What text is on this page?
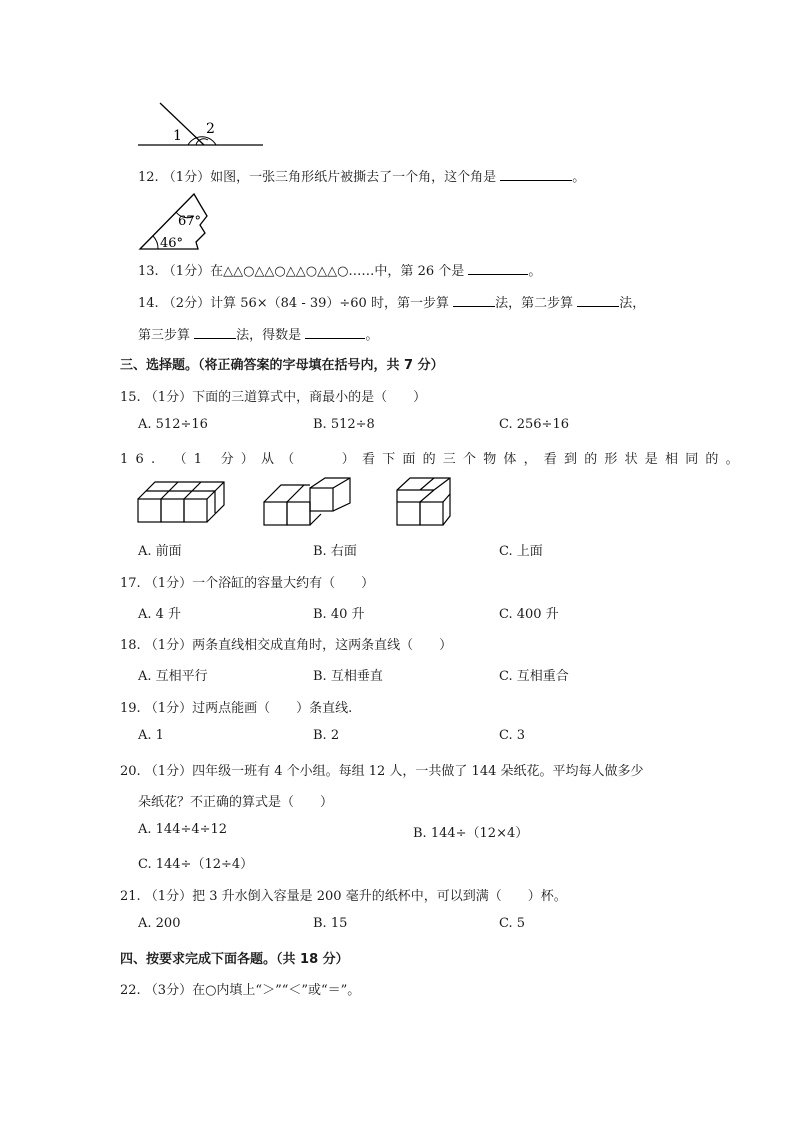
1 2
12. （1分）如图，一张三角形纸片被撕去了一个角，这个角是	。
67°
46°
13. （1分）在△△○△△○△△○△△○……中，第 26 个是	。
14. （2分）计算 56×（84 - 39）÷60 时，第一步算	法，第二步算	法，
第三步算	法，得数是	。
三、选择题。（将正确答案的字母填在括号内，共 7 分）
15. （1分）下面的三道算式中，商最小的是（　　）
A. 512÷16	B. 512÷8	C. 256÷16
16. （1 分）从（　　）看下面的三个物体，看到的形状是相同的。
A. 前面	B. 右面	C. 上面
17. （1分）一个浴缸的容量大约有（　　）
A. 4 升	B. 40 升	C. 400 升
18. （1分）两条直线相交成直角时，这两条直线（　　）
A. 互相平行	B. 互相垂直	C. 互相重合
19. （1分）过两点能画（　　）条直线.
A. 1	B. 2	C. 3
20. （1分）四年级一班有 4 个小组。每组 12 人，一共做了 144 朵纸花。平均每人做多少
朵纸花？不正确的算式是（　　）
A. 144÷4÷12	B. 144÷（12×4）
C. 144÷（12÷4）
21. （1分）把 3 升水倒入容量是 200 毫升的纸杯中，可以到满（　　）杯。
A. 200	B. 15	C. 5
四、按要求完成下面各题。（共 18 分）
22. （3分）在○内填上“＞”“＜”或“＝”。
